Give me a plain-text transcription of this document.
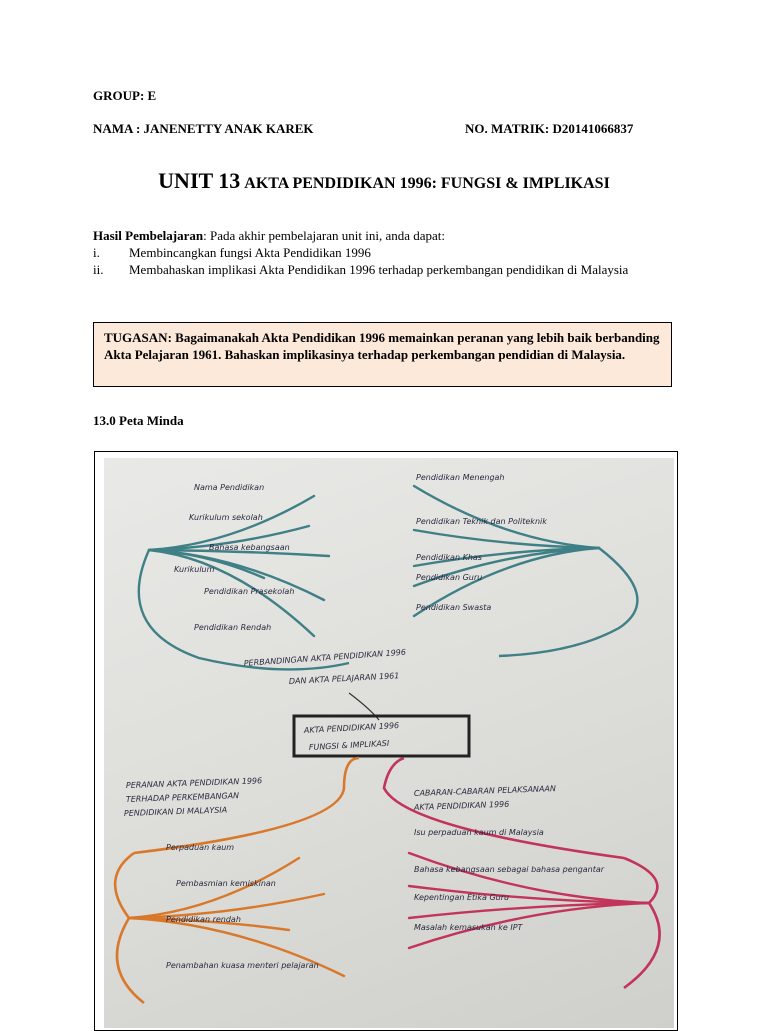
GROUP: E
NAMA : JANENETTY ANAK KAREK	NO. MATRIK: D20141066837
UNIT 13 AKTA PENDIDIKAN 1996: FUNGSI & IMPLIKASI
Hasil Pembelajaran: Pada akhir pembelajaran unit ini, anda dapat:
i.	Membincangkan fungsi Akta Pendidikan 1996
ii.	Membahaskan implikasi Akta Pendidikan 1996 terhadap perkembangan pendidikan di Malaysia
TUGASAN: Bagaimanakah Akta Pendidikan 1996 memainkan peranan yang lebih baik berbanding Akta Pelajaran 1961. Bahaskan implikasinya terhadap perkembangan pendidian di Malaysia.
13.0 Peta Minda
Nama Pendidikan
Kurikulum sekolah
Bahasa kebangsaan
Kurikulum
Pendidikan Prasekolah
Pendidikan Rendah
Pendidikan Menengah
Pendidikan Teknik dan Politeknik
Pendidikan Khas
Pendidikan Guru
Pendidikan Swasta
PERBANDINGAN AKTA PENDIDIKAN 1996
DAN AKTA PELAJARAN 1961
AKTA PENDIDIKAN 1996
FUNGSI & IMPLIKASI
PERANAN AKTA PENDIDIKAN 1996
TERHADAP PERKEMBANGAN
PENDIDIKAN DI MALAYSIA
Perpaduan kaum
Pembasmian kemiskinan
Pendidikan rendah
Penambahan kuasa menteri pelajaran
CABARAN-CABARAN PELAKSANAAN
AKTA PENDIDIKAN 1996
Isu perpaduan kaum di Malaysia
Bahasa kebangsaan sebagai bahasa pengantar
Kepentingan Etika Guru
Masalah kemasukan ke IPT
